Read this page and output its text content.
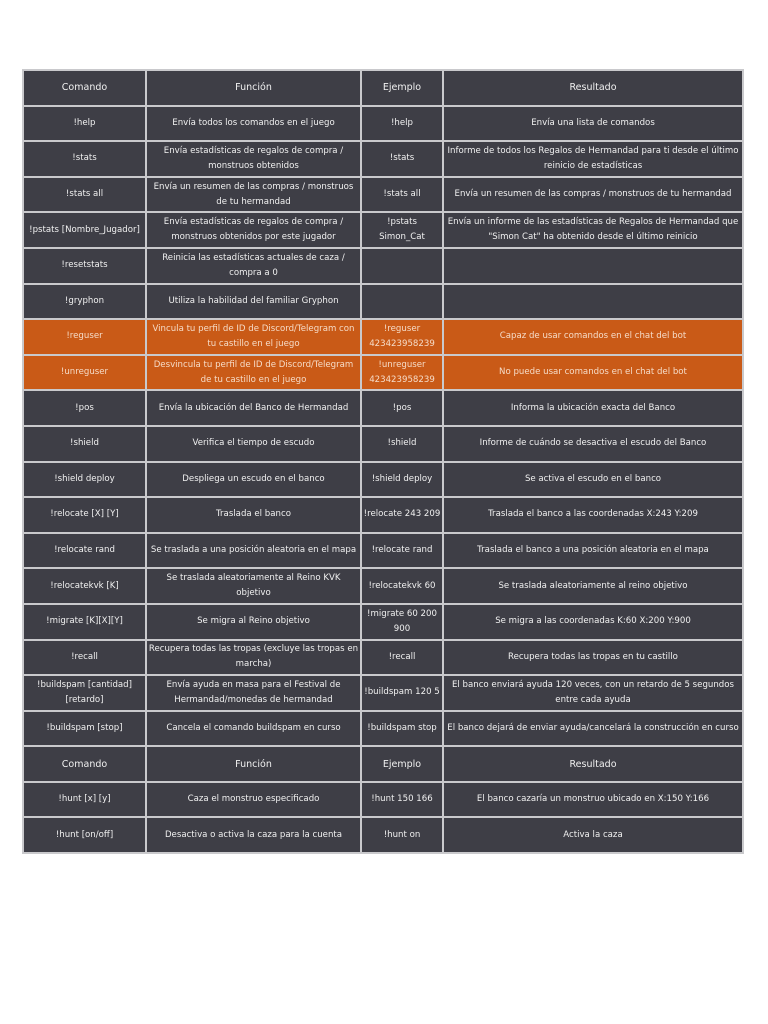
Comando	Función	Ejemplo	Resultado
!help	Envía todos los comandos en el juego	!help	Envía una lista de comandos
!stats	Envía estadísticas de regalos de compra / monstruos obtenidos	!stats	Informe de todos los Regalos de Hermandad para ti desde el último reinicio de estadísticas
!stats all	Envía un resumen de las compras / monstruos de tu hermandad	!stats all	Envía un resumen de las compras / monstruos de tu hermandad
!pstats [Nombre_Jugador]	Envía estadísticas de regalos de compra / monstruos obtenidos por este jugador	!pstats Simon_Cat	Envía un informe de las estadísticas de Regalos de Hermandad que "Simon Cat" ha obtenido desde el último reinicio
!resetstats	Reinicia las estadísticas actuales de caza / compra a 0		
!gryphon	Utiliza la habilidad del familiar Gryphon		
!reguser	Vincula tu perfil de ID de Discord/Telegram con tu castillo en el juego	!reguser 423423958239	Capaz de usar comandos en el chat del bot
!unreguser	Desvincula tu perfil de ID de Discord/Telegram de tu castillo en el juego	!unreguser 423423958239	No puede usar comandos en el chat del bot
!pos	Envía la ubicación del Banco de Hermandad	!pos	Informa la ubicación exacta del Banco
!shield	Verifica el tiempo de escudo	!shield	Informe de cuándo se desactiva el escudo del Banco
!shield deploy	Despliega un escudo en el banco	!shield deploy	Se activa el escudo en el banco
!relocate [X] [Y]	Traslada el banco	!relocate 243 209	Traslada el banco a las coordenadas X:243 Y:209
!relocate rand	Se traslada a una posición aleatoria en el mapa	!relocate rand	Traslada el banco a una posición aleatoria en el mapa
!relocatekvk [K]	Se traslada aleatoriamente al Reino KVK objetivo	!relocatekvk 60	Se traslada aleatoriamente al reino objetivo
!migrate [K][X][Y]	Se migra al Reino objetivo	!migrate 60 200 900	Se migra a las coordenadas K:60 X:200 Y:900
!recall	Recupera todas las tropas (excluye las tropas en marcha)	!recall	Recupera todas las tropas en tu castillo
!buildspam [cantidad] [retardo]	Envía ayuda en masa para el Festival de Hermandad/monedas de hermandad	!buildspam 120 5	El banco enviará ayuda 120 veces, con un retardo de 5 segundos entre cada ayuda
!buildspam [stop]	Cancela el comando buildspam en curso	!buildspam stop	El banco dejará de enviar ayuda/cancelará la construcción en curso
Comando	Función	Ejemplo	Resultado
!hunt [x] [y]	Caza el monstruo especificado	!hunt 150 166	El banco cazaría un monstruo ubicado en X:150 Y:166
!hunt [on/off]	Desactiva o activa la caza para la cuenta	!hunt on	Activa la caza
